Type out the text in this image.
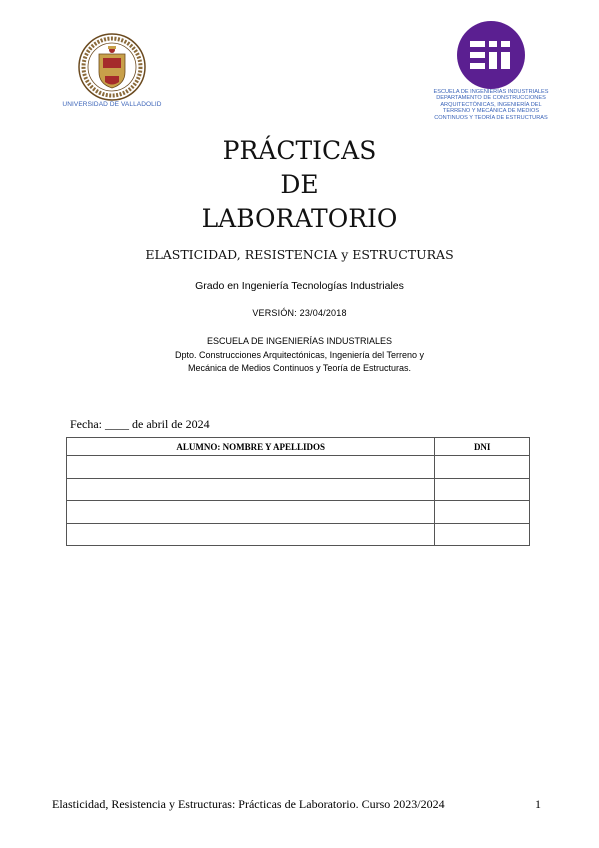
UNIVERSIDAD DE VALLADOLID
ESCUELA DE INGENIERÍAS INDUSTRIALES
DEPARTAMENTO DE CONSTRUCCIONES
ARQUITECTÓNICAS, INGENIERÍA DEL
TERRENO Y MECÁNICA DE MEDIOS
CONTINUOS Y TEORÍA DE ESTRUCTURAS
PRÁCTICAS
DE
LABORATORIO
ELASTICIDAD, RESISTENCIA y ESTRUCTURAS
Grado en Ingeniería Tecnologías Industriales
VERSIÓN: 23/04/2018
ESCUELA DE INGENIERÍAS INDUSTRIALES
Dpto. Construcciones Arquitectónicas, Ingeniería del Terreno y
Mecánica de Medios Continuos y Teoría de Estructuras.
Fecha: ____ de abril de 2024
ALUMNO: NOMBRE Y APELLIDOS	DNI

Elasticidad, Resistencia y Estructuras: Prácticas de Laboratorio. Curso 2023/2024	1
